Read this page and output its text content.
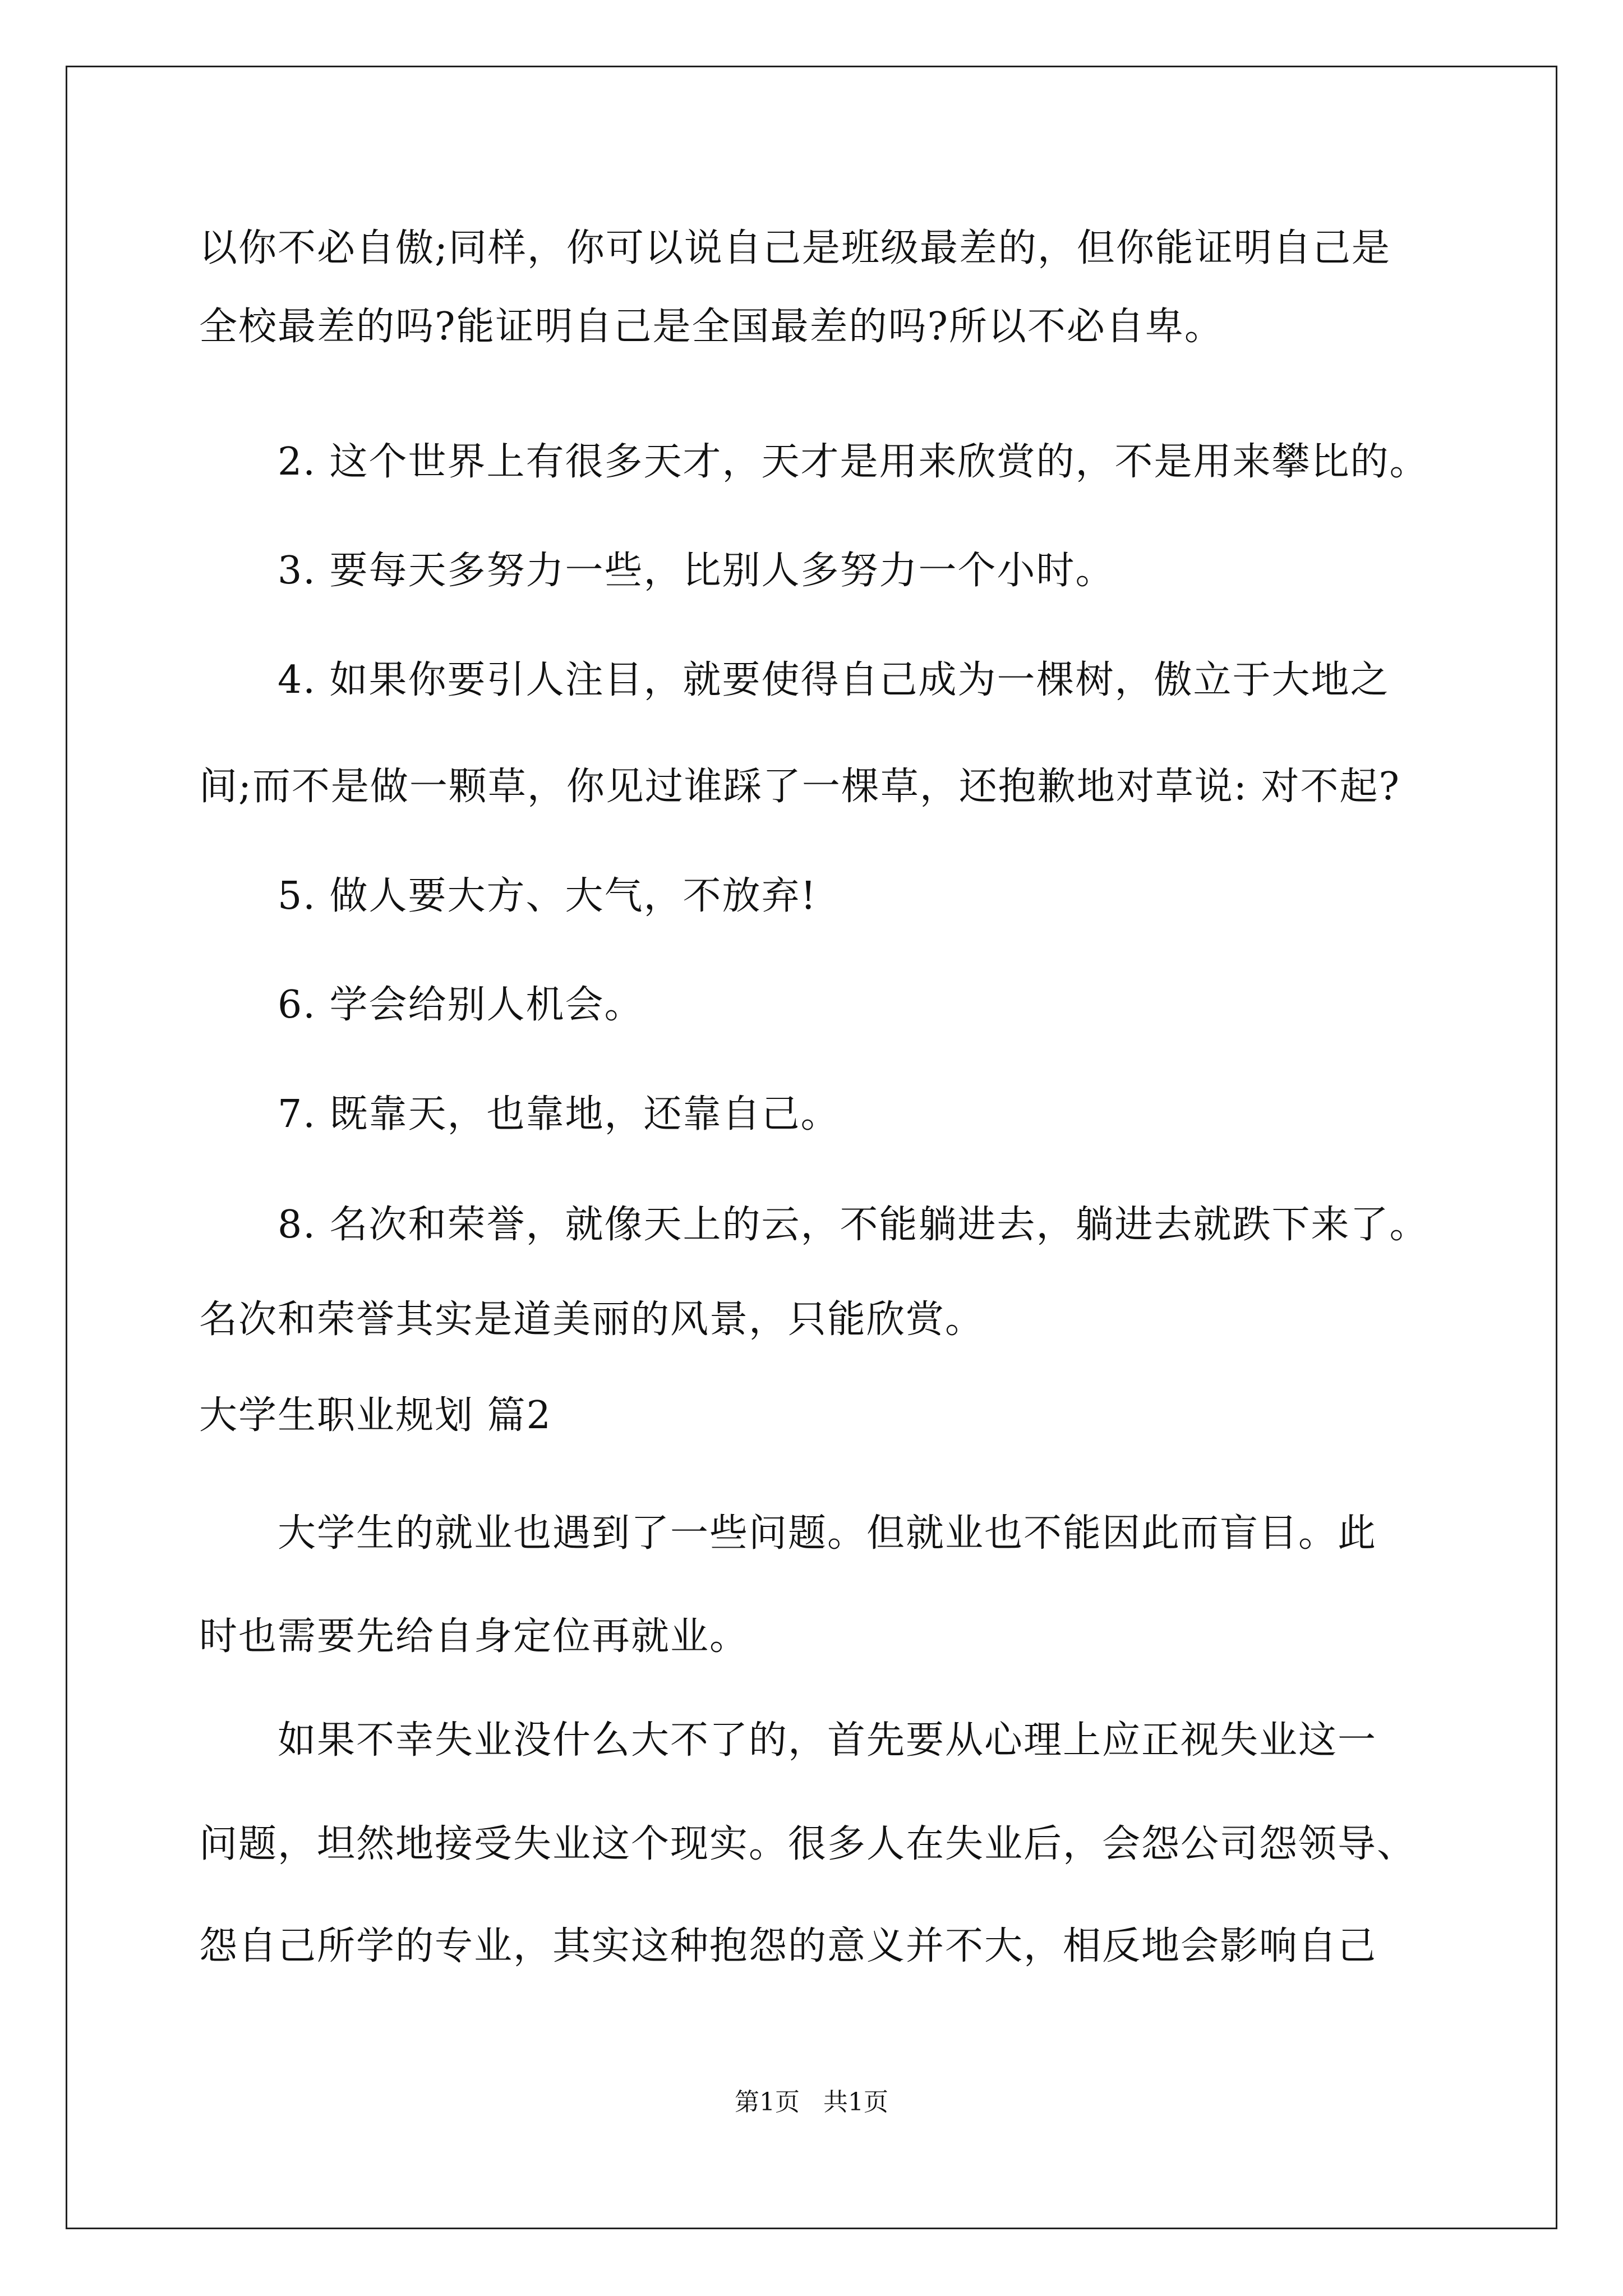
以你不必自傲;同样，你可以说自己是班级最差的，但你能证明自己是
全校最差的吗?能证明自己是全国最差的吗?所以不必自卑。
2. 这个世界上有很多天才，天才是用来欣赏的，不是用来攀比的。
3. 要每天多努力一些，比别人多努力一个小时。
4. 如果你要引人注目，就要使得自己成为一棵树，傲立于大地之
间;而不是做一颗草，你见过谁踩了一棵草，还抱歉地对草说: 对不起?
5. 做人要大方、大气，不放弃!
6. 学会给别人机会。
7. 既靠天，也靠地，还靠自己。
8. 名次和荣誉，就像天上的云，不能躺进去，躺进去就跌下来了。
名次和荣誉其实是道美丽的风景，只能欣赏。
大学生职业规划 篇2
大学生的就业也遇到了一些问题。但就业也不能因此而盲目。此
时也需要先给自身定位再就业。
如果不幸失业没什么大不了的，首先要从心理上应正视失业这一
问题，坦然地接受失业这个现实。很多人在失业后，会怨公司怨领导、
怨自己所学的专业，其实这种抱怨的意义并不大，相反地会影响自己
第1页   共1页
